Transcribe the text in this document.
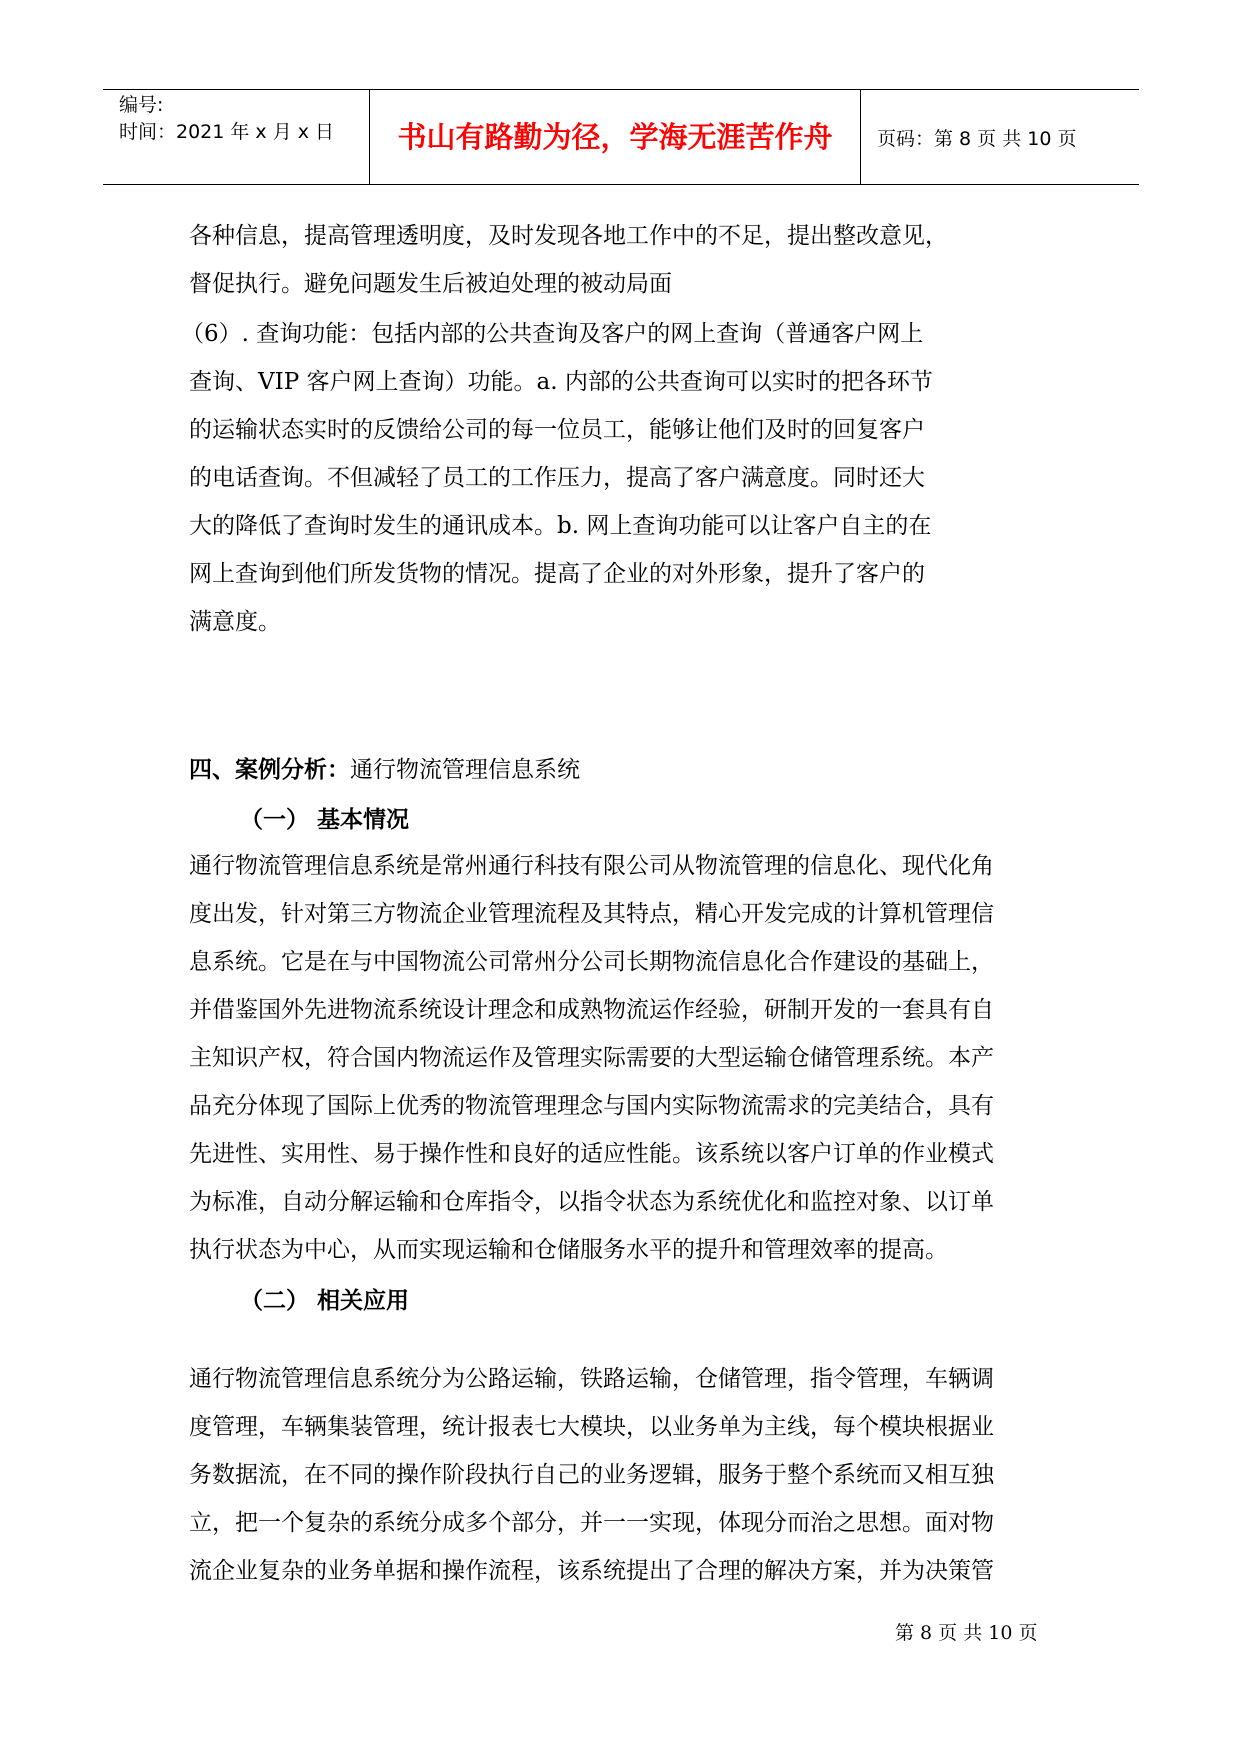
编号:
时间：2021 年 x 月 x 日	书山有路勤为径，学海无涯苦作舟	页码：第 8 页 共 10 页

各种信息，提高管理透明度，及时发现各地工作中的不足，提出整改意见，

督促执行。避免问题发生后被迫处理的被动局面

（6）. 查询功能：包括内部的公共查询及客户的网上查询（普通客户网上

查询、VIP 客户网上查询）功能。a. 内部的公共查询可以实时的把各环节

的运输状态实时的反馈给公司的每一位员工，能够让他们及时的回复客户

的电话查询。不但减轻了员工的工作压力，提高了客户满意度。同时还大

大的降低了查询时发生的通讯成本。b. 网上查询功能可以让客户自主的在

网上查询到他们所发货物的情况。提高了企业的对外形象，提升了客户的

满意度。

四、案例分析：通行物流管理信息系统
（一） 基本情况

通行物流管理信息系统是常州通行科技有限公司从物流管理的信息化、现代化角

度出发，针对第三方物流企业管理流程及其特点，精心开发完成的计算机管理信

息系统。它是在与中国物流公司常州分公司长期物流信息化合作建设的基础上，

并借鉴国外先进物流系统设计理念和成熟物流运作经验，研制开发的一套具有自

主知识产权，符合国内物流运作及管理实际需要的大型运输仓储管理系统。本产

品充分体现了国际上优秀的物流管理理念与国内实际物流需求的完美结合，具有

先进性、实用性、易于操作性和良好的适应性能。该系统以客户订单的作业模式

为标准，自动分解运输和仓库指令，以指令状态为系统优化和监控对象、以订单

执行状态为中心，从而实现运输和仓储服务水平的提升和管理效率的提高。

（二） 相关应用

通行物流管理信息系统分为公路运输，铁路运输，仓储管理，指令管理，车辆调

度管理，车辆集装管理，统计报表七大模块，以业务单为主线，每个模块根据业

务数据流，在不同的操作阶段执行自己的业务逻辑，服务于整个系统而又相互独

立，把一个复杂的系统分成多个部分，并一一实现，体现分而治之思想。面对物

流企业复杂的业务单据和操作流程，该系统提出了合理的解决方案，并为决策管

第 8 页 共 10 页
